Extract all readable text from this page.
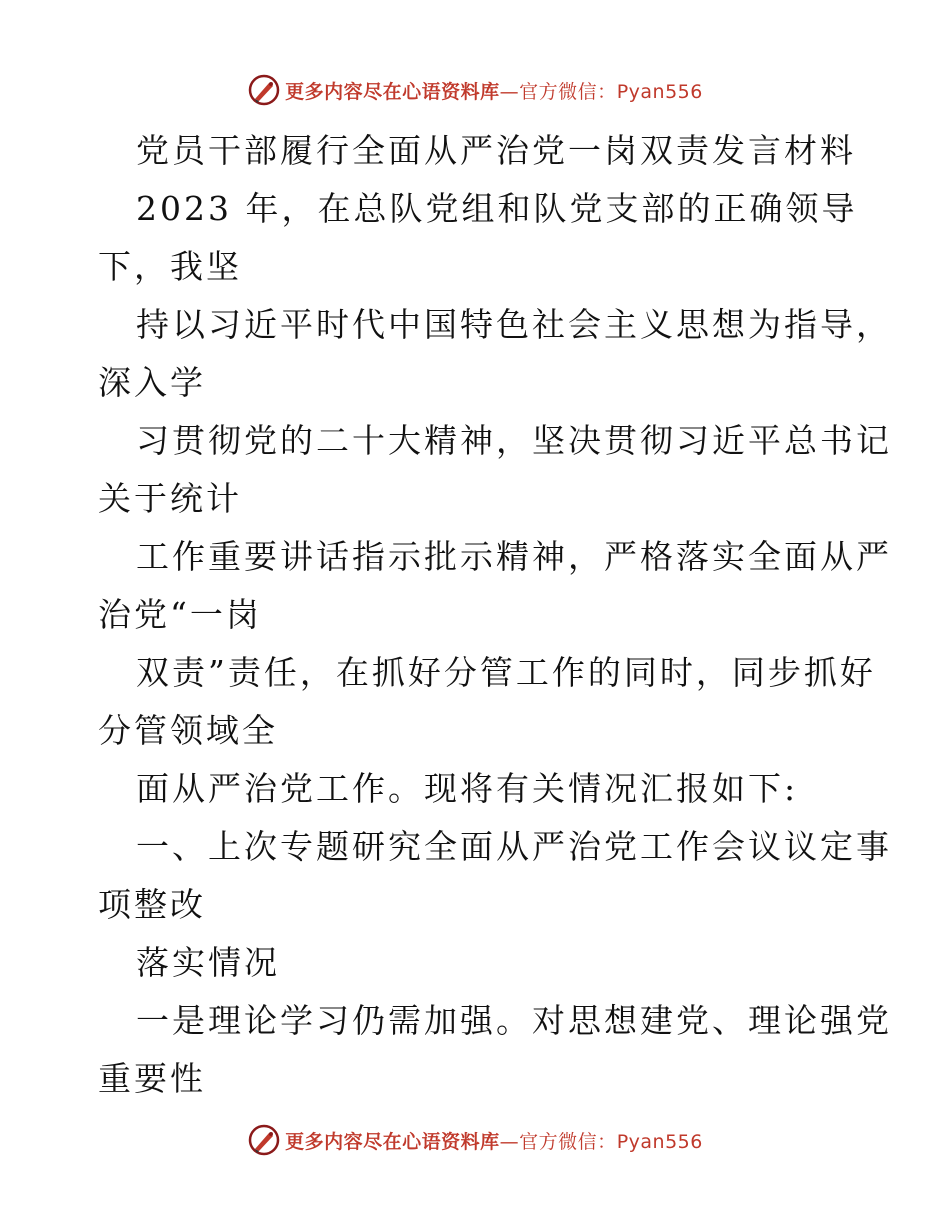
更多内容尽在心语资料库—官方微信：Pyan556
党员干部履行全面从严治党一岗双责发言材料
2023 年，在总队党组和队党支部的正确领导
下，我坚
持以习近平时代中国特色社会主义思想为指导，
深入学
习贯彻党的二十大精神，坚决贯彻习近平总书记
关于统计
工作重要讲话指示批示精神，严格落实全面从严
治党“一岗
双责”责任，在抓好分管工作的同时，同步抓好
分管领域全
面从严治党工作。现将有关情况汇报如下:
一、上次专题研究全面从严治党工作会议议定事
项整改
落实情况
一是理论学习仍需加强。对思想建党、理论强党
重要性
更多内容尽在心语资料库—官方微信：Pyan556
